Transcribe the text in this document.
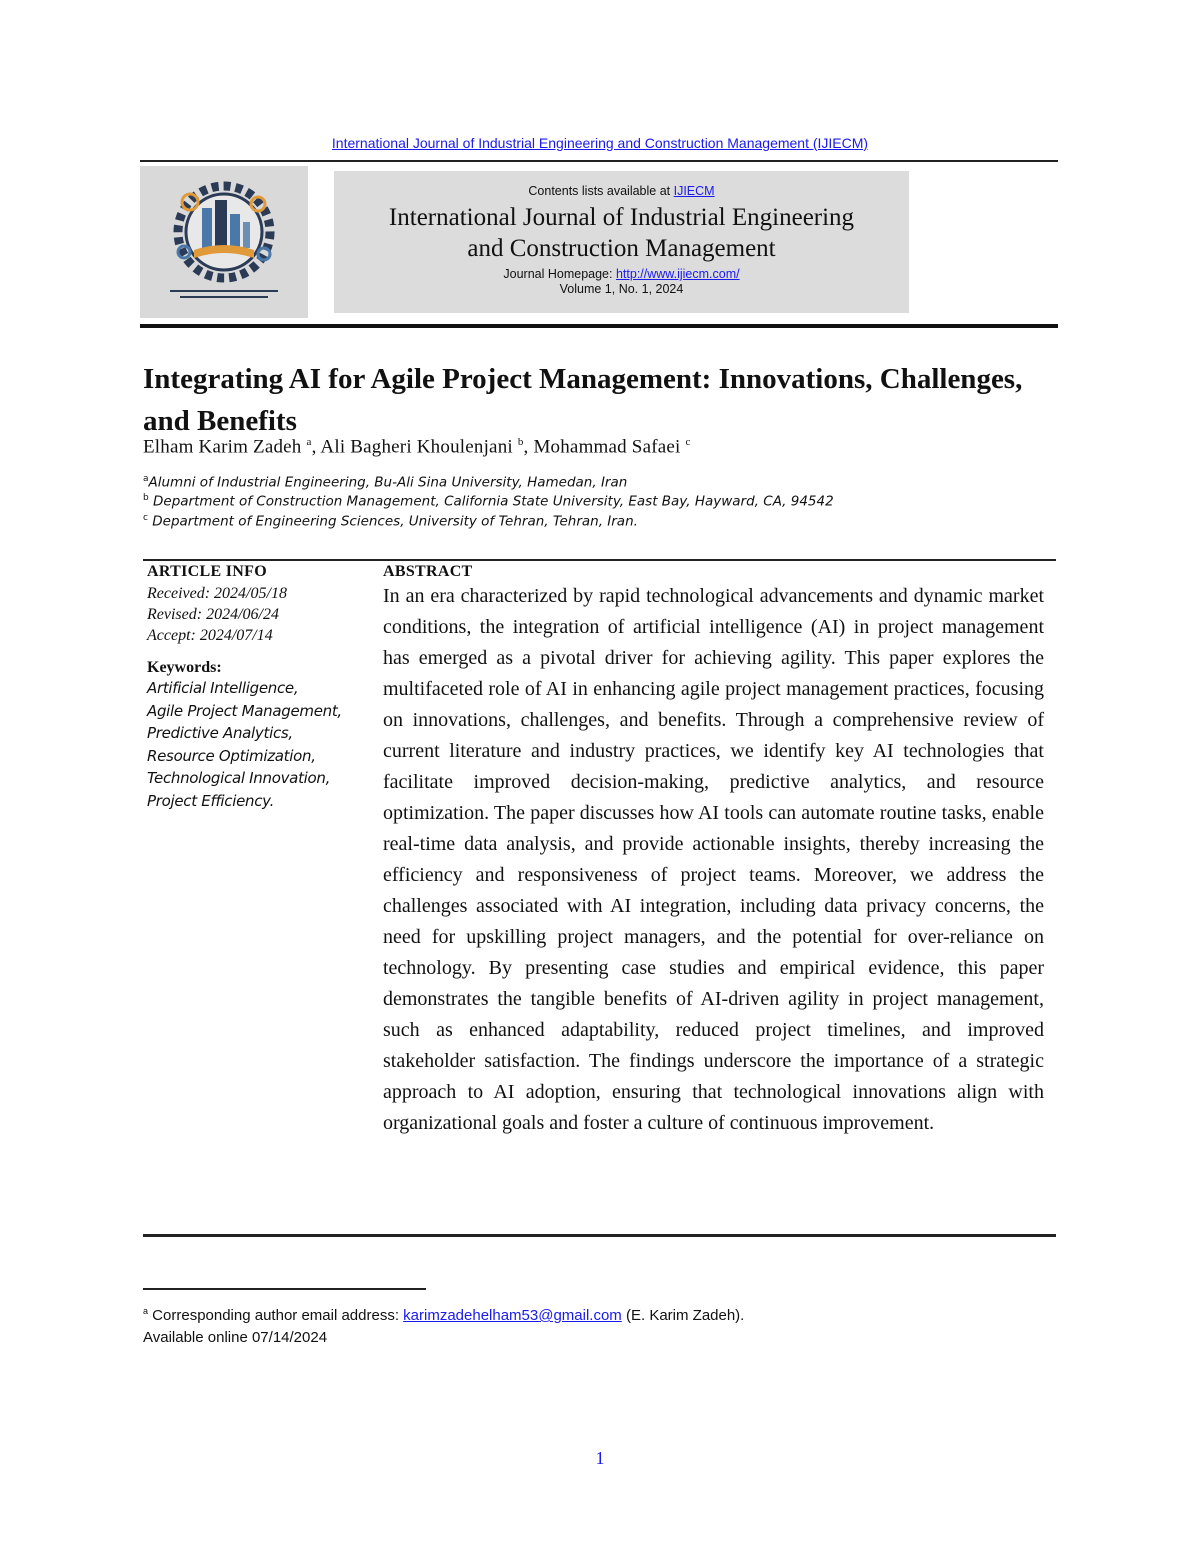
International Journal of Industrial Engineering and Construction Management (IJIECM)
Contents lists available at IJIECM
International Journal of Industrial Engineering
and Construction Management
Journal Homepage: http://www.ijiecm.com/
Volume 1, No. 1, 2024
Integrating AI for Agile Project Management: Innovations, Challenges, and Benefits
Elham Karim Zadeh $^a$, Ali Bagheri Khoulenjani $^b$, Mohammad Safaei $^c$
$^a$Alumni of Industrial Engineering, Bu-Ali Sina University, Hamedan, Iran
$^b$ Department of Construction Management, California State University, East Bay, Hayward, CA, 94542
$^c$ Department of Engineering Sciences, University of Tehran, Tehran, Iran.
ARTICLE INFO
Received: 2024/05/18
Revised: 2024/06/24
Accept: 2024/07/14
Keywords:
Artificial Intelligence,
Agile Project Management,
Predictive Analytics,
Resource Optimization,
Technological Innovation,
Project Efficiency.
ABSTRACT
In an era characterized by rapid technological advancements and dynamic market conditions, the integration of artificial intelligence (AI) in project management has emerged as a pivotal driver for achieving agility. This paper explores the multifaceted role of AI in enhancing agile project management practices, focusing on innovations, challenges, and benefits. Through a comprehensive review of current literature and industry practices, we identify key AI technologies that facilitate improved decision-making, predictive analytics, and resource optimization. The paper discusses how AI tools can automate routine tasks, enable real-time data analysis, and provide actionable insights, thereby increasing the efficiency and responsiveness of project teams. Moreover, we address the challenges associated with AI integration, including data privacy concerns, the need for upskilling project managers, and the potential for over-reliance on technology. By presenting case studies and empirical evidence, this paper demonstrates the tangible benefits of AI-driven agility in project management, such as enhanced adaptability, reduced project timelines, and improved stakeholder satisfaction. The findings underscore the importance of a strategic approach to AI adoption, ensuring that technological innovations align with organizational goals and foster a culture of continuous improvement.
$^a$ Corresponding author email address: karimzadehelham53@gmail.com (E. Karim Zadeh).
Available online 07/14/2024
1
